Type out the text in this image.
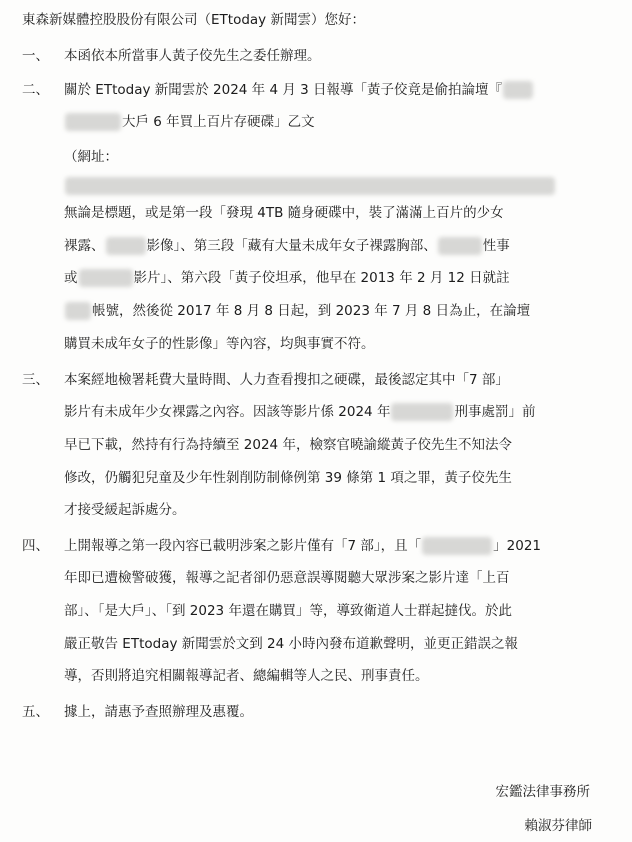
東森新媒體控股股份有限公司（ETtoday 新聞雲）您好：
一、 本函依本所當事人黃子佼先生之委任辦理。
二、 關於 ETtoday 新聞雲於 2024 年 4 月 3 日報導「黃子佼竟是偷拍論壇『
大戶 6 年買上百片存硬碟」乙文
（網址：
無論是標題，或是第一段「發現 4TB 隨身硬碟中，裝了滿滿上百片的少女
裸露、	影像」、第三段「藏有大量未成年女子裸露胸部、	性事
或	影片」、第六段「黃子佼坦承，他早在 2013 年 2 月 12 日就註
帳號，然後從 2017 年 8 月 8 日起，到 2023 年 7 月 8 日為止，在論壇
購買未成年女子的性影像」等內容，均與事實不符。
三、 本案經地檢署耗費大量時間、人力查看搜扣之硬碟，最後認定其中「7 部」
影片有未成年少女裸露之內容。因該等影片係 2024 年	刑事處罰」前
早已下載，然持有行為持續至 2024 年，檢察官曉諭縱黃子佼先生不知法令
修改，仍觸犯兒童及少年性剝削防制條例第 39 條第 1 項之罪，黃子佼先生
才接受緩起訴處分。
四、 上開報導之第一段內容已載明涉案之影片僅有「7 部」，且「	」2021
年即已遭檢警破獲，報導之記者卻仍惡意誤導閱聽大眾涉案之影片達「上百
部」、「是大戶」、「到 2023 年還在購買」等，導致衛道人士群起撻伐。於此
嚴正敬告 ETtoday 新聞雲於文到 24 小時內發布道歉聲明，並更正錯誤之報
導，否則將追究相關報導記者、總編輯等人之民、刑事責任。
五、 據上，請惠予查照辦理及惠覆。
宏鑑法律事務所
賴淑芬律師
